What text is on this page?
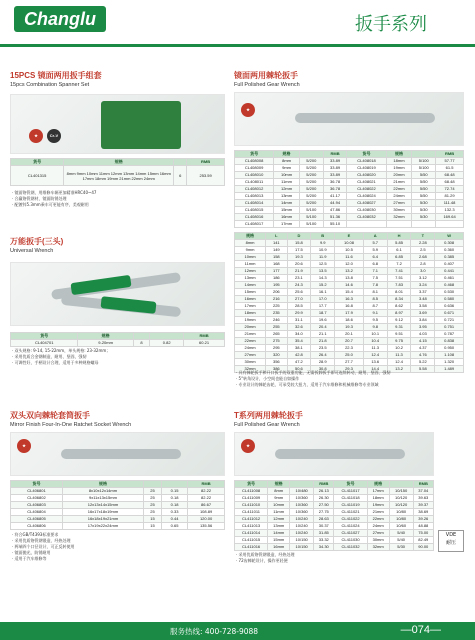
Changlu	扳手系列
15PCS 镜面两用扳手组套
15pcs Combination Spanner Set
★	Cr-V
货号	规格		RMB
CL401315	8mm 9mm 10mm 11mm 12mm 13mm 14mm 15mm 16mm 17mm 18mm 19mm 21mm 22mm 24mm	6	253.59
· 镜面铬钒钢，用维修车辆更加精准HRC40~47
· 合赢铬钒钢材，镜面防锈处理
· 配镀锌5.3mm乘车可更能有序，美观耐用
万能扳手(三头)
Universal Wrench
货号	规格			RMB
CL404701	9-20mm	8	0.82	60.21
· 双头规格: 9-14, 15-22mm，单头规格: 23-32mm；
· 采用优质合金钢制造，耐用、坚固、强韧
· 可调性好，手柄设计合理，适用于多种规格螺母
镜面两用棘轮扳手
Full Polished Gear Wrench
★
货号	规格		RMB	货号	规格		RMB
CL408008	8mm	5/200	33.89	CL408018	18mm	5/100	57.77
CL408009	9mm	5/200	33.89	CL408019	19mm	5/100	61.5
CL408010	10mm	5/200	33.89	CL408020	20mm	5/50	68.48
CL408011	11mm	5/200	36.78	CL408021	21mm	5/50	68.48
CL408012	12mm	5/200	36.78	CL408022	22mm	5/50	72.74
CL408013	13mm	5/200	41.17	CL408024	24mm	5/50	81.29
CL408014	14mm	5/200	44.94	CL408027	27mm	5/30	111.48
CL408015	15mm	5/100	47.86	CL408030	30mm	5/30	132.3
CL408016	16mm	5/100	51.36	CL408032	32mm	5/30	169.64
CL408017	17mm	5/100	55.10				
规格	L	D	B	E	A	H	T	W
8mm	141	15.8	9.9	10.08	5.7	5.85	2.28	0.308
9mm	149	17.5	10.9	10.5	5.9	6.1	2.5	0.360
10mm	158	19.3	11.9	11.6	6.4	6.85	2.68	0.385
11mm	168	20.6	12.5	12.0	6.8	7.2	2.8	0.407
12mm	177	21.9	13.5	13.2	7.1	7.41	3.0	0.441
13mm	186	23.1	14.3	13.8	7.5	7.51	3.12	0.461
14mm	195	24.3	15.2	14.6	7.8	7.83	3.24	0.468
15mm	206	25.6	16.1	15.4	8.1	8.01	3.37	0.530
16mm	216	27.0	17.0	16.3	8.5	8.34	3.48	0.580
17mm	225	28.5	17.7	16.8	8.7	8.62	3.58	0.636
18mm	235	29.9	18.7	17.9	9.1	8.97	3.69	0.671
19mm	246	31.1	19.6	18.6	9.5	9.12	3.84	0.721
20mm	255	32.6	20.4	19.3	9.8	9.31	3.95	0.751
21mm	265	34.0	21.1	20.1	10.1	9.51	4.03	0.787
22mm	275	35.4	21.8	20.7	10.4	9.75	4.15	0.838
24mm	295	38.1	23.5	22.3	11.3	10.2	4.37	0.950
27mm	320	42.8	26.4	25.0	12.4	11.3	4.76	1.108
30mm	356	47.2	28.9	27.7	13.6	12.4	5.22	1.320
32mm	386	50.6	30.8	29.3	14.4	13.2	5.58	1.489
· 具有棘轮扳手和开口扳手的双重功能，无需拆卸扳手即可连续转动，耐用、坚固、强韧
· 5°转角设计，小空间也能自如操作
· 专业设计的棘轮齿轮，可承受较大扭力，适用于汽车维修和机械维修等专业领域
双头双向棘轮套筒扳手
Mirror Finish Four-In-One Ratchet Socket Wrench
★
货号	规格			RMB
CL406801	8x10x12x14mm	25	0.15	82.22
CL406802	9x11x13x15mm	25	0.18	82.22
CL406803	12x13x14x15mm	25	0.18	86.67
CL406804	16x17x18x19mm	25	0.33	108.89
CL406805	16x18x19x21mm	15	0.44	120.00
CL406806	17x19x22x24mm	15	0.65	135.56
· 符合GB/T4393标准要求
· 采用优质铬钒钢锻造，经热处理
· 两端四个口径设计，可正反转使用
· 镜面抛光，防锈耐用
· 适用于汽车维修等
T系列两用棘轮扳手
Full Polished Gear Wrench
★
货号	规格		RMB	货号	规格		RMB
CL411008	8mm	10/480	26.13	CL411017	17mm	10/150	37.04
CL411009	9mm	10/360	26.30	CL411018	18mm	10/120	39.63
CL411010	10mm	10/360	27.50	CL411019	19mm	10/120	39.37
CL411011	11mm	10/360	27.75	CL411021	21mm	10/80	38.69
CL411012	12mm	10/240	28.63	CL411022	22mm	10/80	39.26
CL411013	13mm	10/240	30.37	CL411024	24mm	10/60	48.88
CL411014	14mm	10/240	31.85	CL411027	27mm	5/40	75.00
CL411015	15mm	10/150	33.32	CL411030	30mm	5/40	82.49
CL411016	16mm	10/150	34.30	CL411032	32mm	5/30	90.00
· 采用优质铬钒钢锻造，经热处理
· 72齿棘轮设计，操作更轻便
VDE
耐压
服务热线: 400-728-9088	—074—
